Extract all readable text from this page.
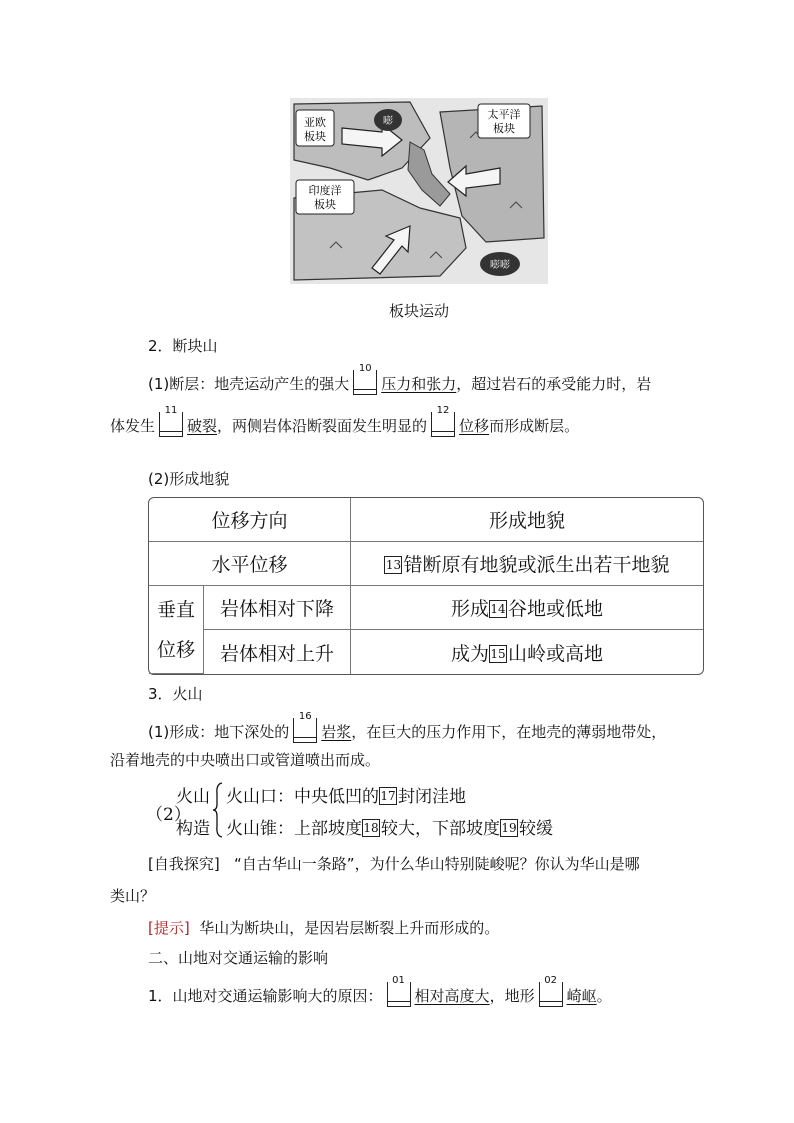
亚欧
板块
太平洋
板块
印度洋
板块
嘭
嘭嘭
板块运动
2．断块山
(1)断层：地壳运动产生的强大
10
压力和张力，超过岩石的承受能力时，岩
体发生
11
破裂，两侧岩体沿断裂面发生明显的
12
位移而形成断层。
(2)形成地貌
位移方向		形成地貌
水平位移		13 错断原有地貌或派生出若干地貌
垂直
位移	岩体相对下降	形成14 谷地或低地
	岩体相对上升	成为15 山岭或高地
3．火山
(1)形成：地下深处的
16
岩浆，在巨大的压力作用下，在地壳的薄弱地带处，
沿着地壳的中央喷出口或管道喷出而成。
（2）
火山
构造
火山口：中央低凹的17 封闭洼地
火山锥：上部坡度18 较大，下部坡度19 较缓
[自我探究] “自古华山一条路”，为什么华山特别陡峻呢？你认为华山是哪
类山？
[提示] 华山为断块山，是因岩层断裂上升而形成的。
二、山地对交通运输的影响
1．山地对交通运输影响大的原因：
01
相对高度大，地形
02
崎岖。
